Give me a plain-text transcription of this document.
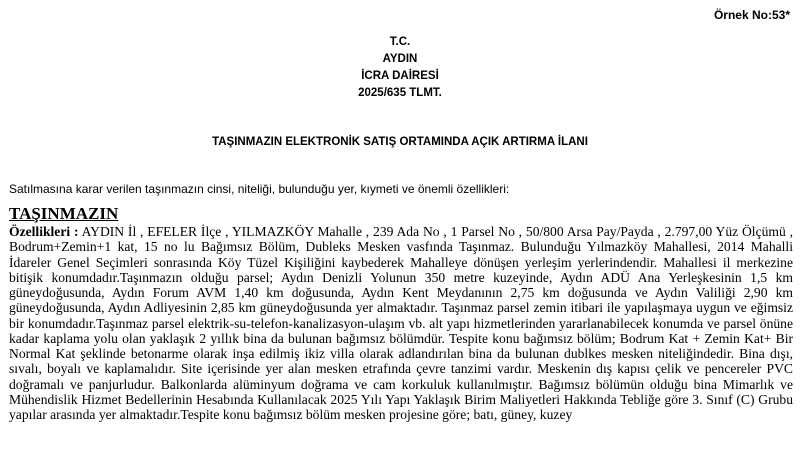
Örnek No:53*
T.C.
AYDIN
İCRA DAİRESİ
2025/635 TLMT.
TAŞINMAZIN ELEKTRONİK SATIŞ ORTAMINDA AÇIK ARTIRMA İLANI
Satılmasına karar verilen taşınmazın cinsi, niteliği, bulunduğu yer, kıymeti ve önemli özellikleri:
TAŞINMAZIN
Özellikleri : AYDIN İl , EFELER İlçe , YILMAZKÖY Mahalle , 239 Ada No , 1 Parsel No , 50/800 Arsa Pay/Payda , 2.797,00 Yüz Ölçümü , Bodrum+Zemin+1 kat, 15 no lu Bağımsız Bölüm, Dubleks Mesken vasfında Taşınmaz. Bulunduğu Yılmazköy Mahallesi, 2014 Mahalli İdareler Genel Seçimleri sonrasında Köy Tüzel Kişiliğini kaybederek Mahalleye dönüşen yerleşim yerlerindendir. Mahallesi il merkezine bitişik konumdadır.Taşınmazın olduğu parsel; Aydın Denizli Yolunun 350 metre kuzeyinde, Aydın ADÜ Ana Yerleşkesinin 1,5 km güneydoğusunda, Aydın Forum AVM 1,40 km doğusunda, Aydın Kent Meydanının 2,75 km doğusunda ve Aydın Valiliği 2,90 km güneydoğusunda, Aydın Adliyesinin 2,85 km güneydoğusunda yer almaktadır. Taşınmaz parsel zemin itibari ile yapılaşmaya uygun ve eğimsiz bir konumdadır.Taşınmaz parsel elektrik-su-telefon-kanalizasyon-ulaşım vb. alt yapı hizmetlerinden yararlanabilecek konumda ve parsel önüne kadar kaplama yolu olan yaklaşık 2 yıllık bina da bulunan bağımsız bölümdür. Tespite konu bağımsız bölüm; Bodrum Kat + Zemin Kat+ Bir Normal Kat şeklinde betonarme olarak inşa edilmiş ikiz villa olarak adlandırılan bina da bulunan dublkes mesken niteliğindedir. Bina dışı, sıvalı, boyalı ve kaplamalıdır. Site içerisinde yer alan mesken etrafında çevre tanzimi vardır. Meskenin dış kapısı çelik ve pencereler PVC doğramalı ve panjurludur. Balkonlarda alüminyum doğrama ve cam korkuluk kullanılmıştır. Bağımsız bölümün olduğu bina Mimarlık ve Mühendislik Hizmet Bedellerinin Hesabında Kullanılacak 2025 Yılı Yapı Yaklaşık Birim Maliyetleri Hakkında Tebliğe göre 3. Sınıf (C) Grubu yapılar arasında yer almaktadır.Tespite konu bağımsız bölüm mesken projesine göre; batı, güney, kuzey
